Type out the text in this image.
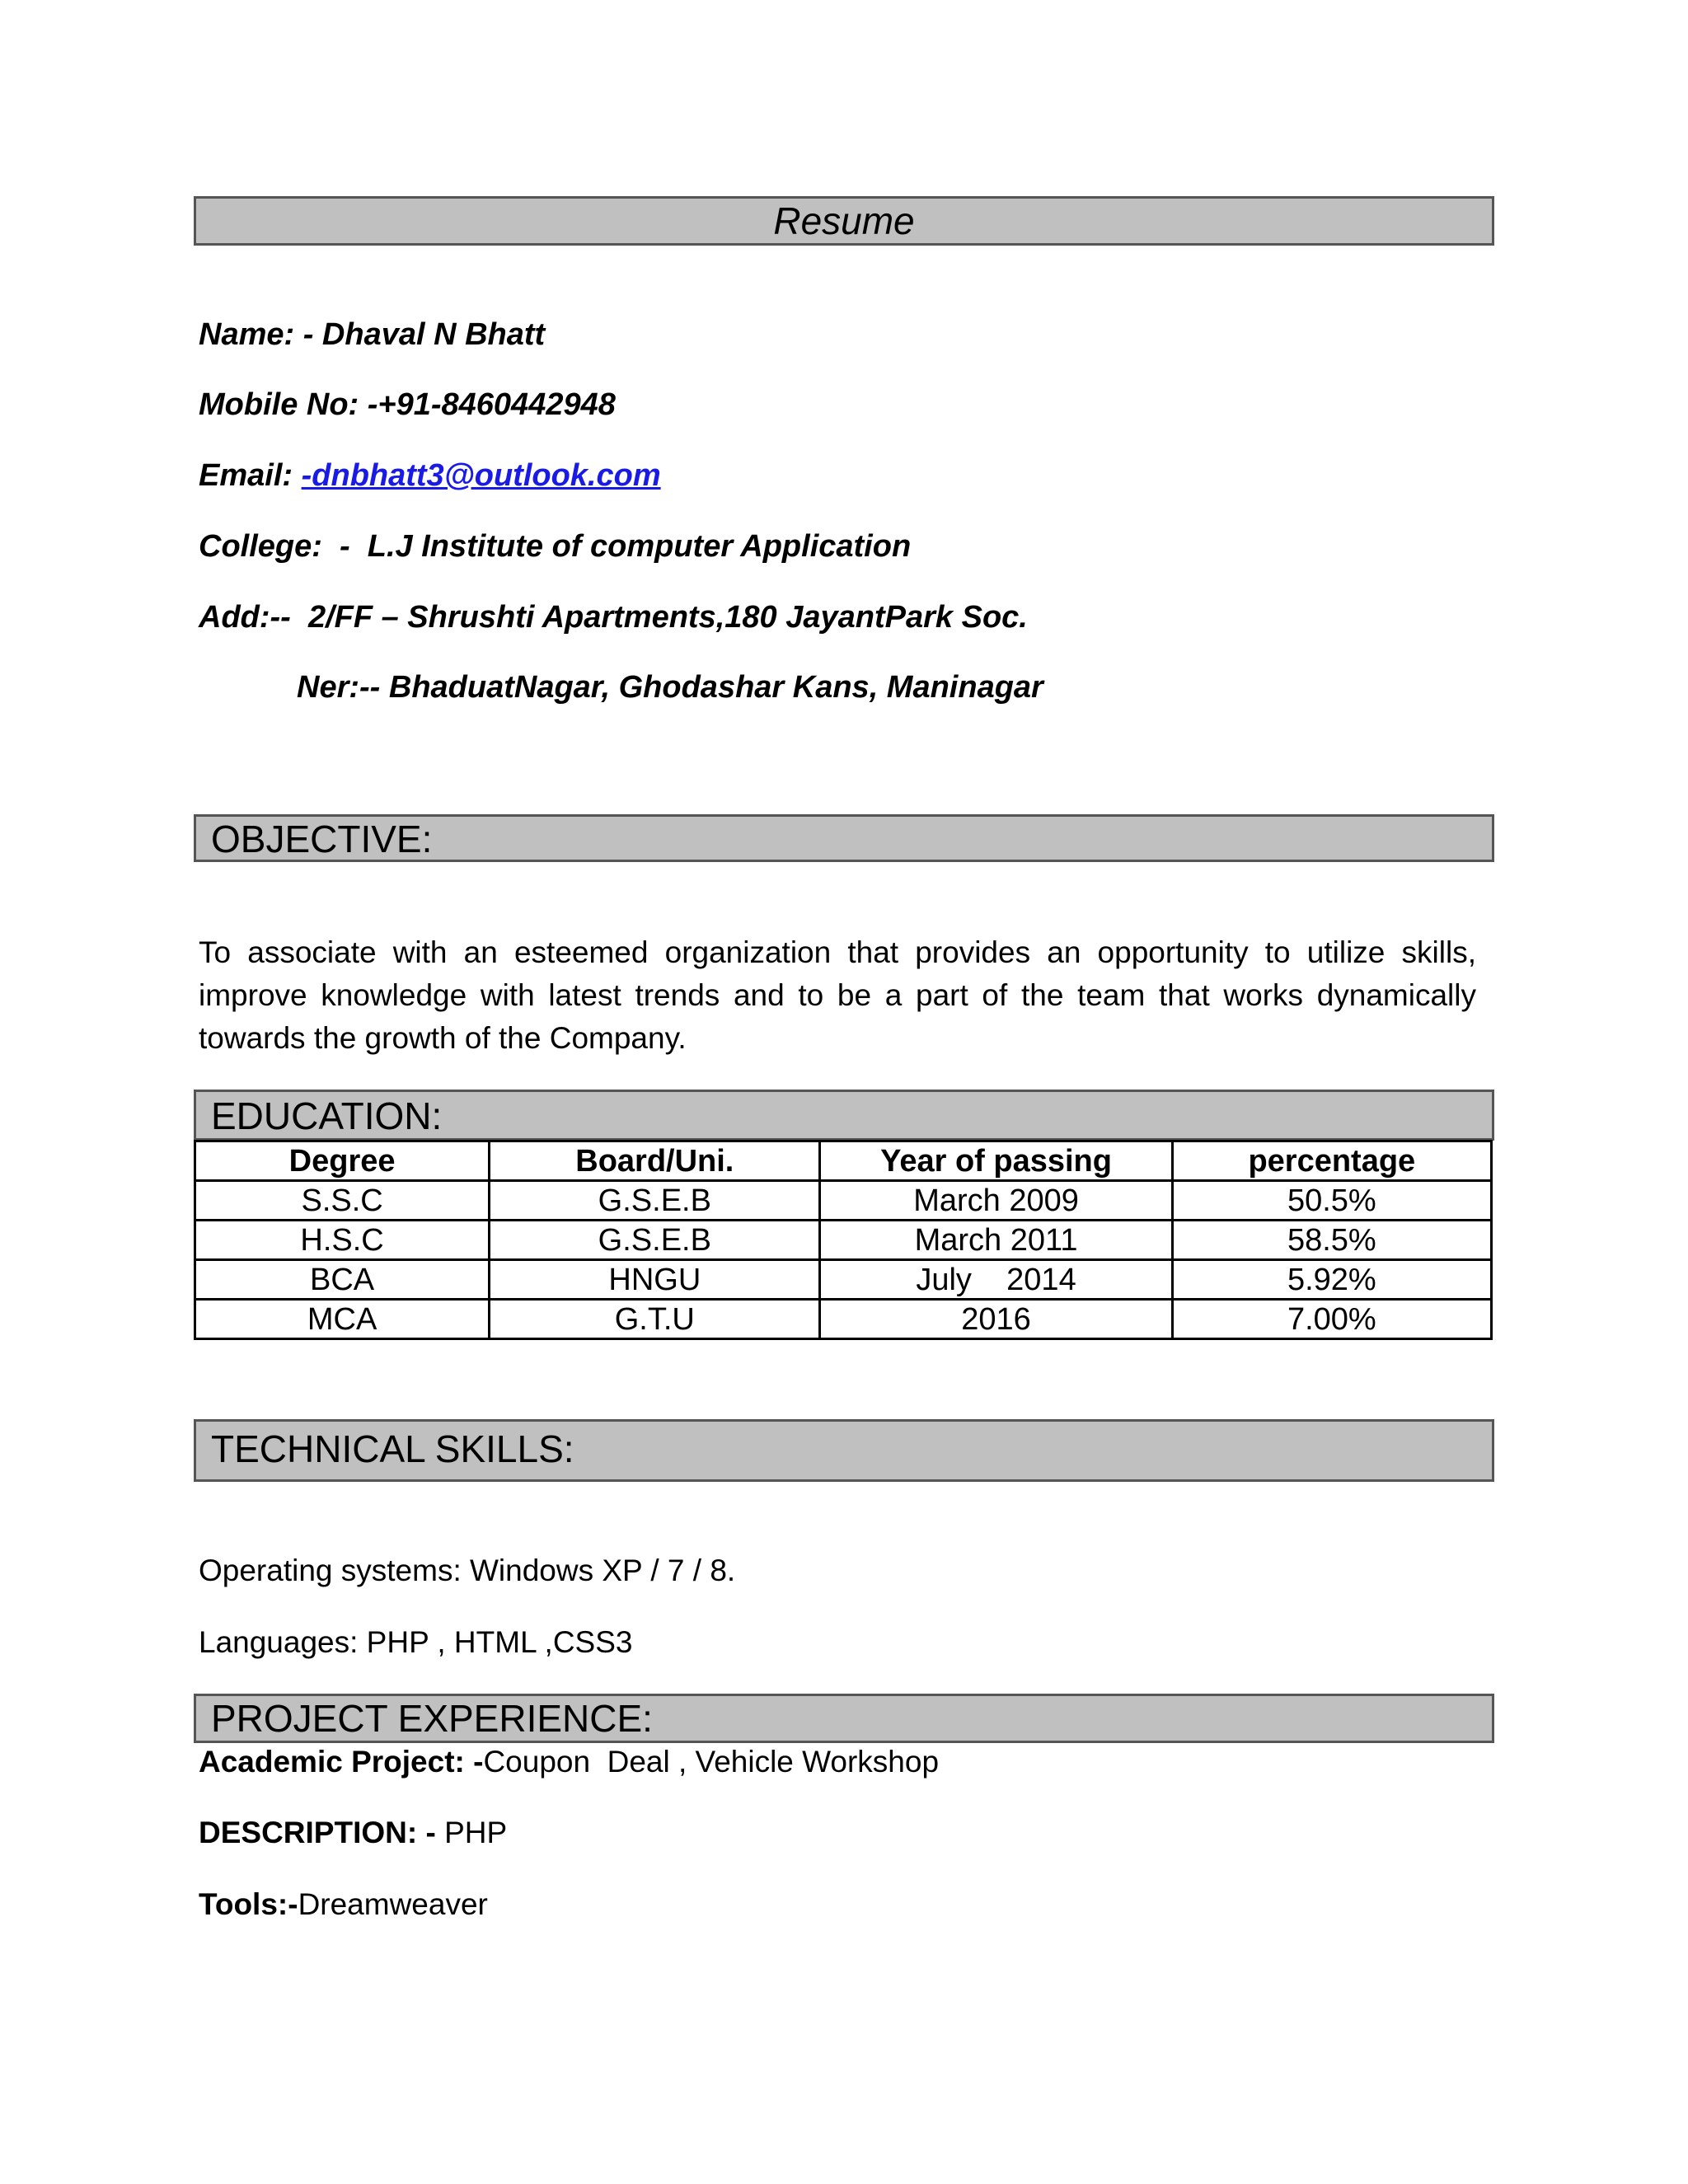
Resume
Name: - Dhaval N Bhatt
Mobile No: -+91-8460442948
Email: -dnbhatt3@outlook.com
College:  -  L.J Institute of computer Application
Add:--  2/FF – Shrushti Apartments,180 JayantPark Soc.
Ner:-- BhaduatNagar, Ghodashar Kans, Maninagar
OBJECTIVE:
To associate with an esteemed organization that provides an opportunity to utilize skills, improve knowledge with latest trends and to be a part of the team that works dynamically towards the growth of the Company.
EDUCATION:
Degree	Board/Uni.	Year of passing	percentage
S.S.C	G.S.E.B	March 2009	50.5%
H.S.C	G.S.E.B	March 2011	58.5%
BCA	HNGU	July    2014	5.92%
MCA	G.T.U	2016	7.00%
TECHNICAL SKILLS:
Operating systems: Windows XP / 7 / 8.
Languages: PHP , HTML ,CSS3
PROJECT EXPERIENCE:
Academic Project: -Coupon  Deal , Vehicle Workshop
DESCRIPTION: - PHP
Tools:-Dreamweaver
